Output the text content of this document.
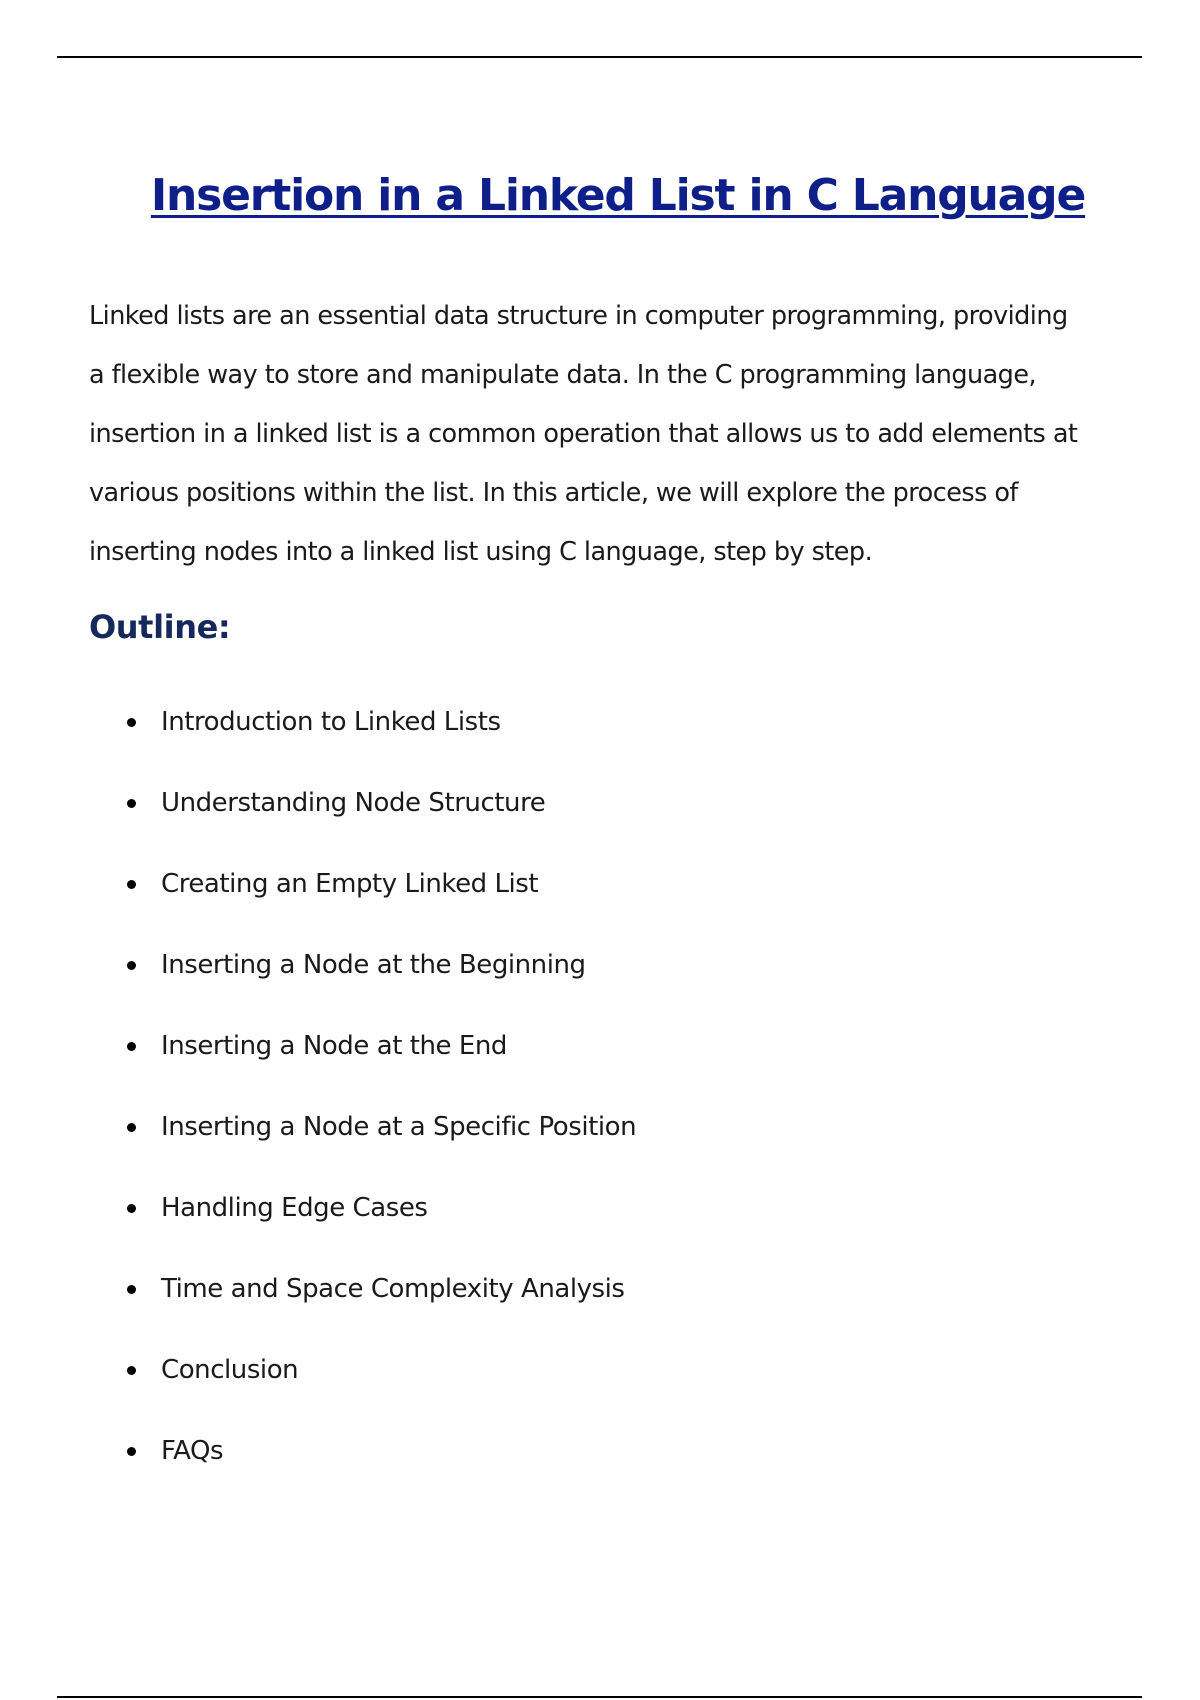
Insertion in a Linked List in C Language

Linked lists are an essential data structure in computer programming, providing
a flexible way to store and manipulate data. In the C programming language,
insertion in a linked list is a common operation that allows us to add elements at
various positions within the list. In this article, we will explore the process of
inserting nodes into a linked list using C language, step by step.

Outline:
Introduction to Linked Lists
Understanding Node Structure
Creating an Empty Linked List
Inserting a Node at the Beginning
Inserting a Node at the End
Inserting a Node at a Specific Position
Handling Edge Cases
Time and Space Complexity Analysis
Conclusion
FAQs
